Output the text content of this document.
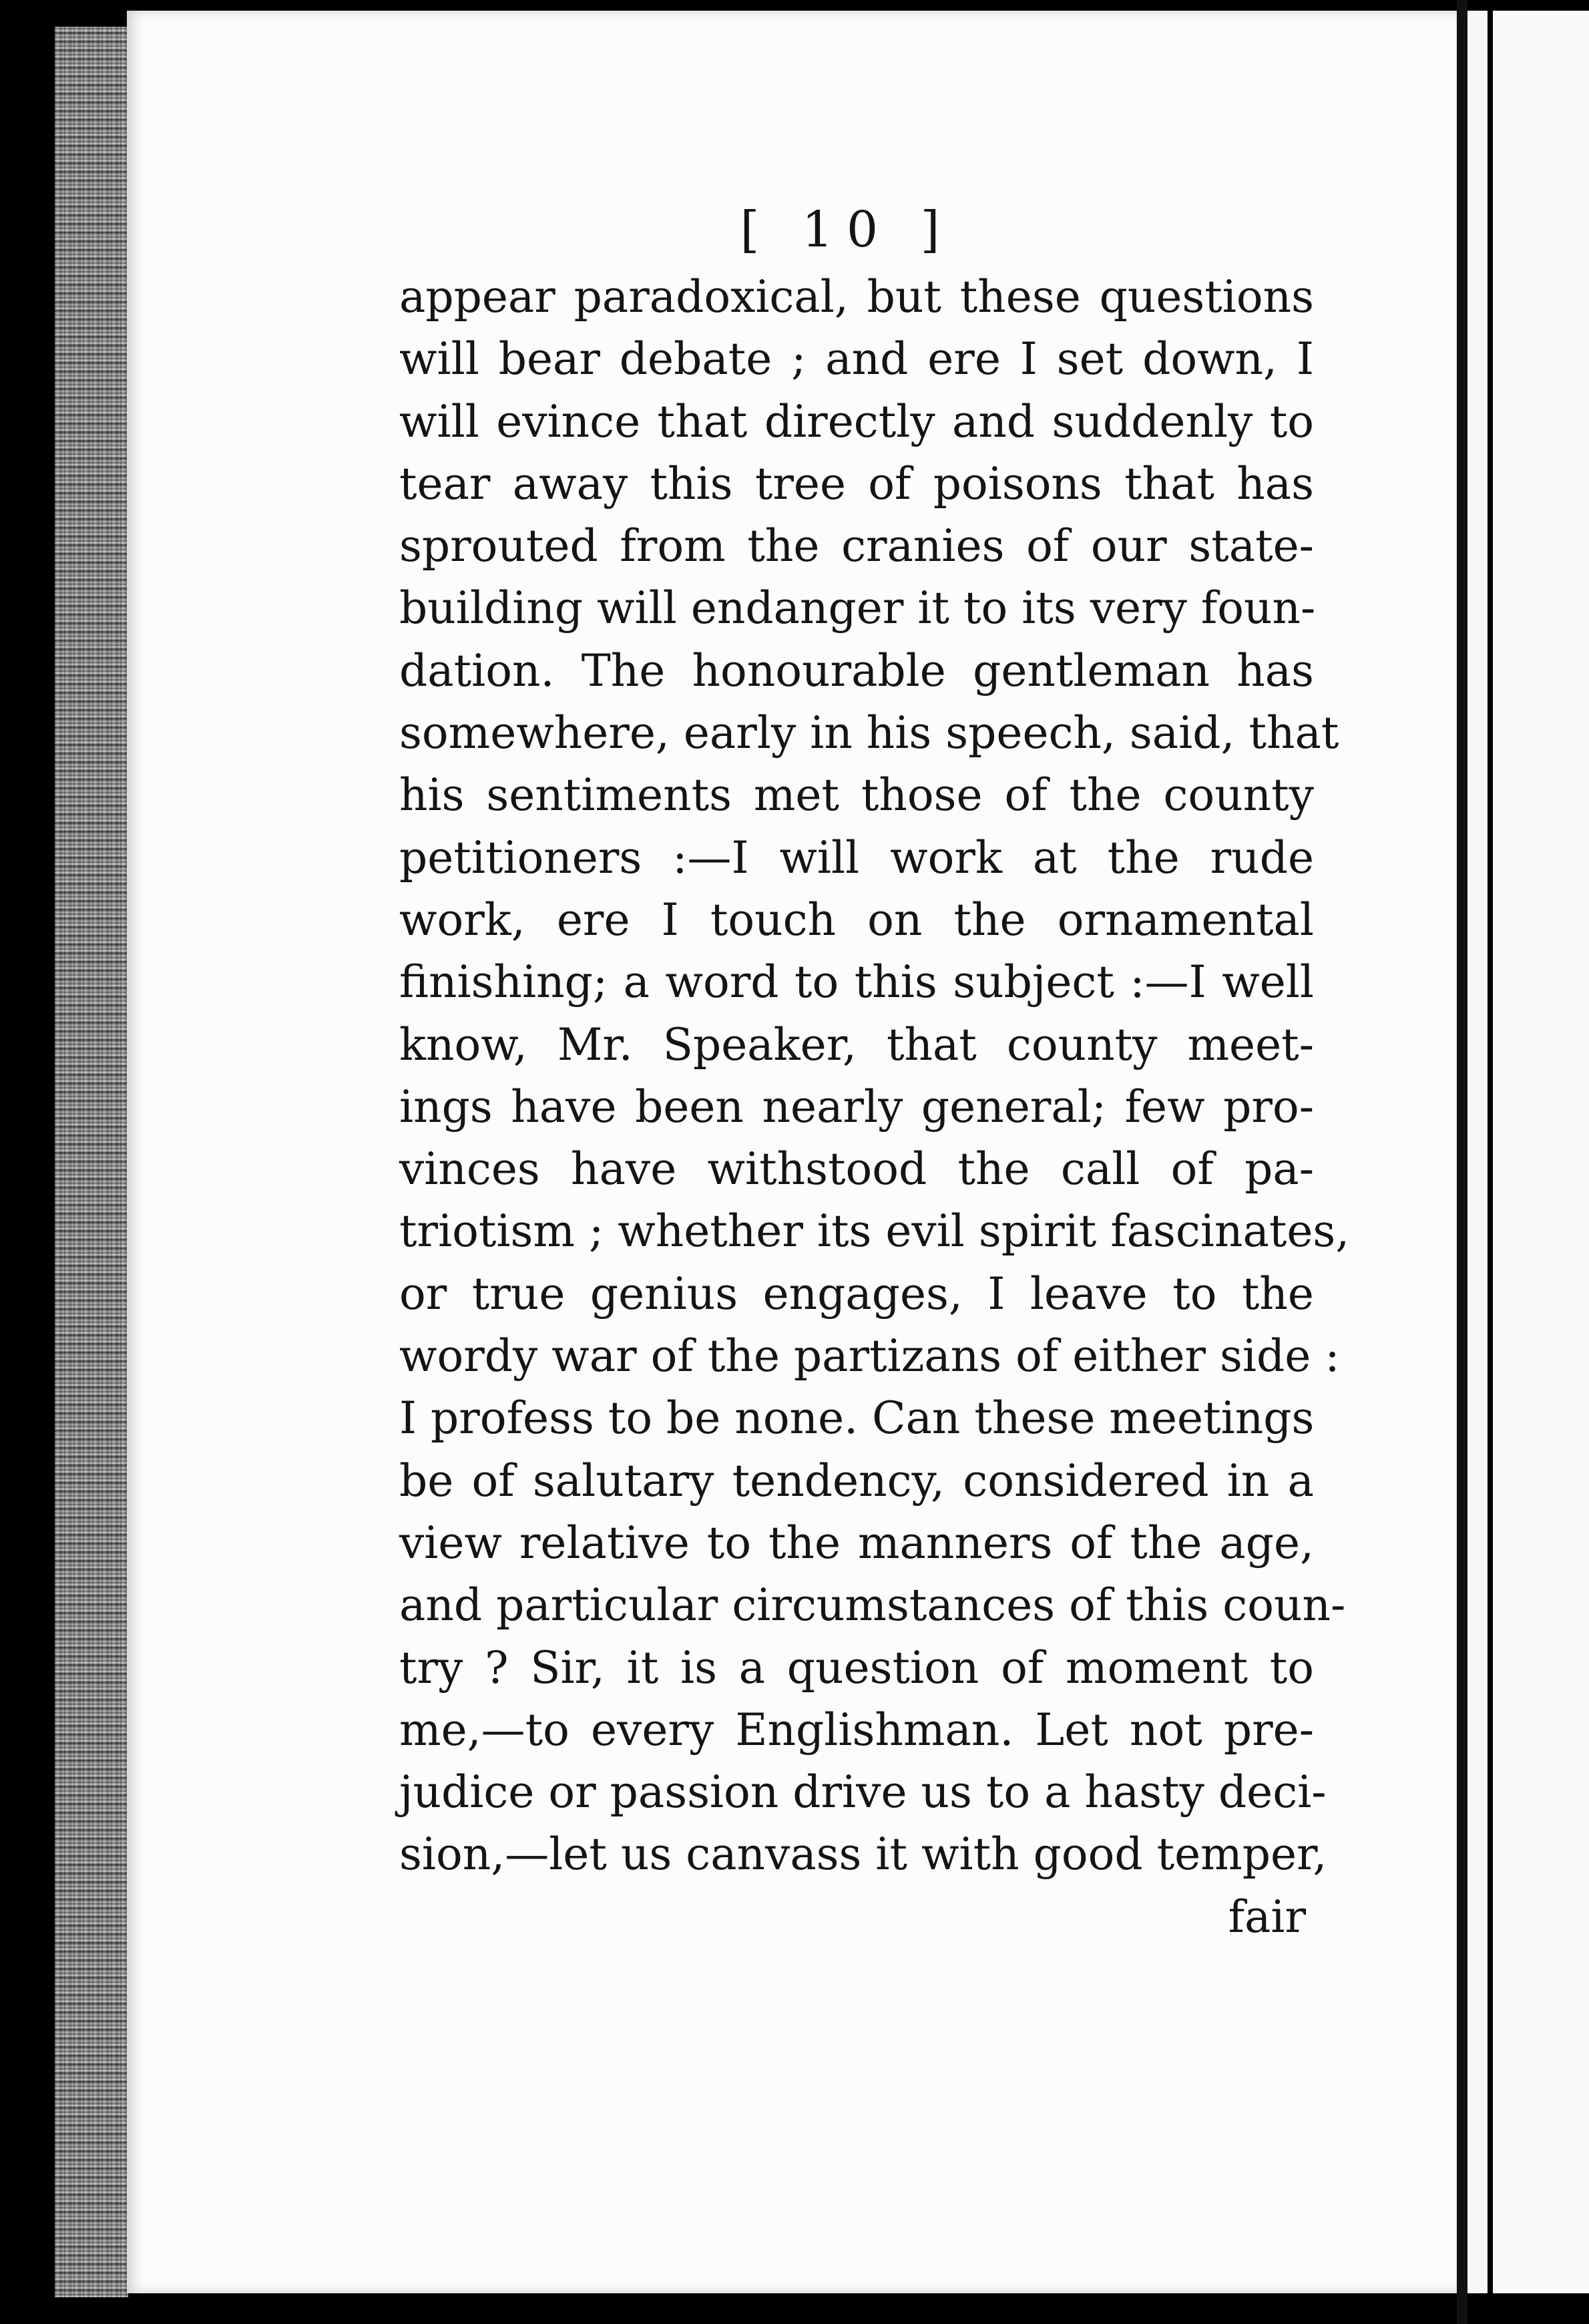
[ 10 ]
appear paradoxical, but these questions
will bear debate ; and ere I set down, I
will evince that directly and suddenly to
tear away this tree of poisons that has
sprouted from the cranies of our state-
building will endanger it to its very foun-
dation. The honourable gentleman has
somewhere, early in his speech, said, that
his sentiments met those of the county
petitioners :—I will work at the rude
work, ere I touch on the ornamental
finishing; a word to this subject :—I well
know, Mr. Speaker, that county meet-
ings have been nearly general; few pro-
vinces have withstood the call of pa-
triotism ; whether its evil spirit fascinates,
or true genius engages, I leave to the
wordy war of the partizans of either side :
I profess to be none. Can these meetings
be of salutary tendency, considered in a
view relative to the manners of the age,
and particular circumstances of this coun-
try ? Sir, it is a question of moment to
me,—to every Englishman. Let not pre-
judice or passion drive us to a hasty deci-
sion,—let us canvass it with good temper,
fair
